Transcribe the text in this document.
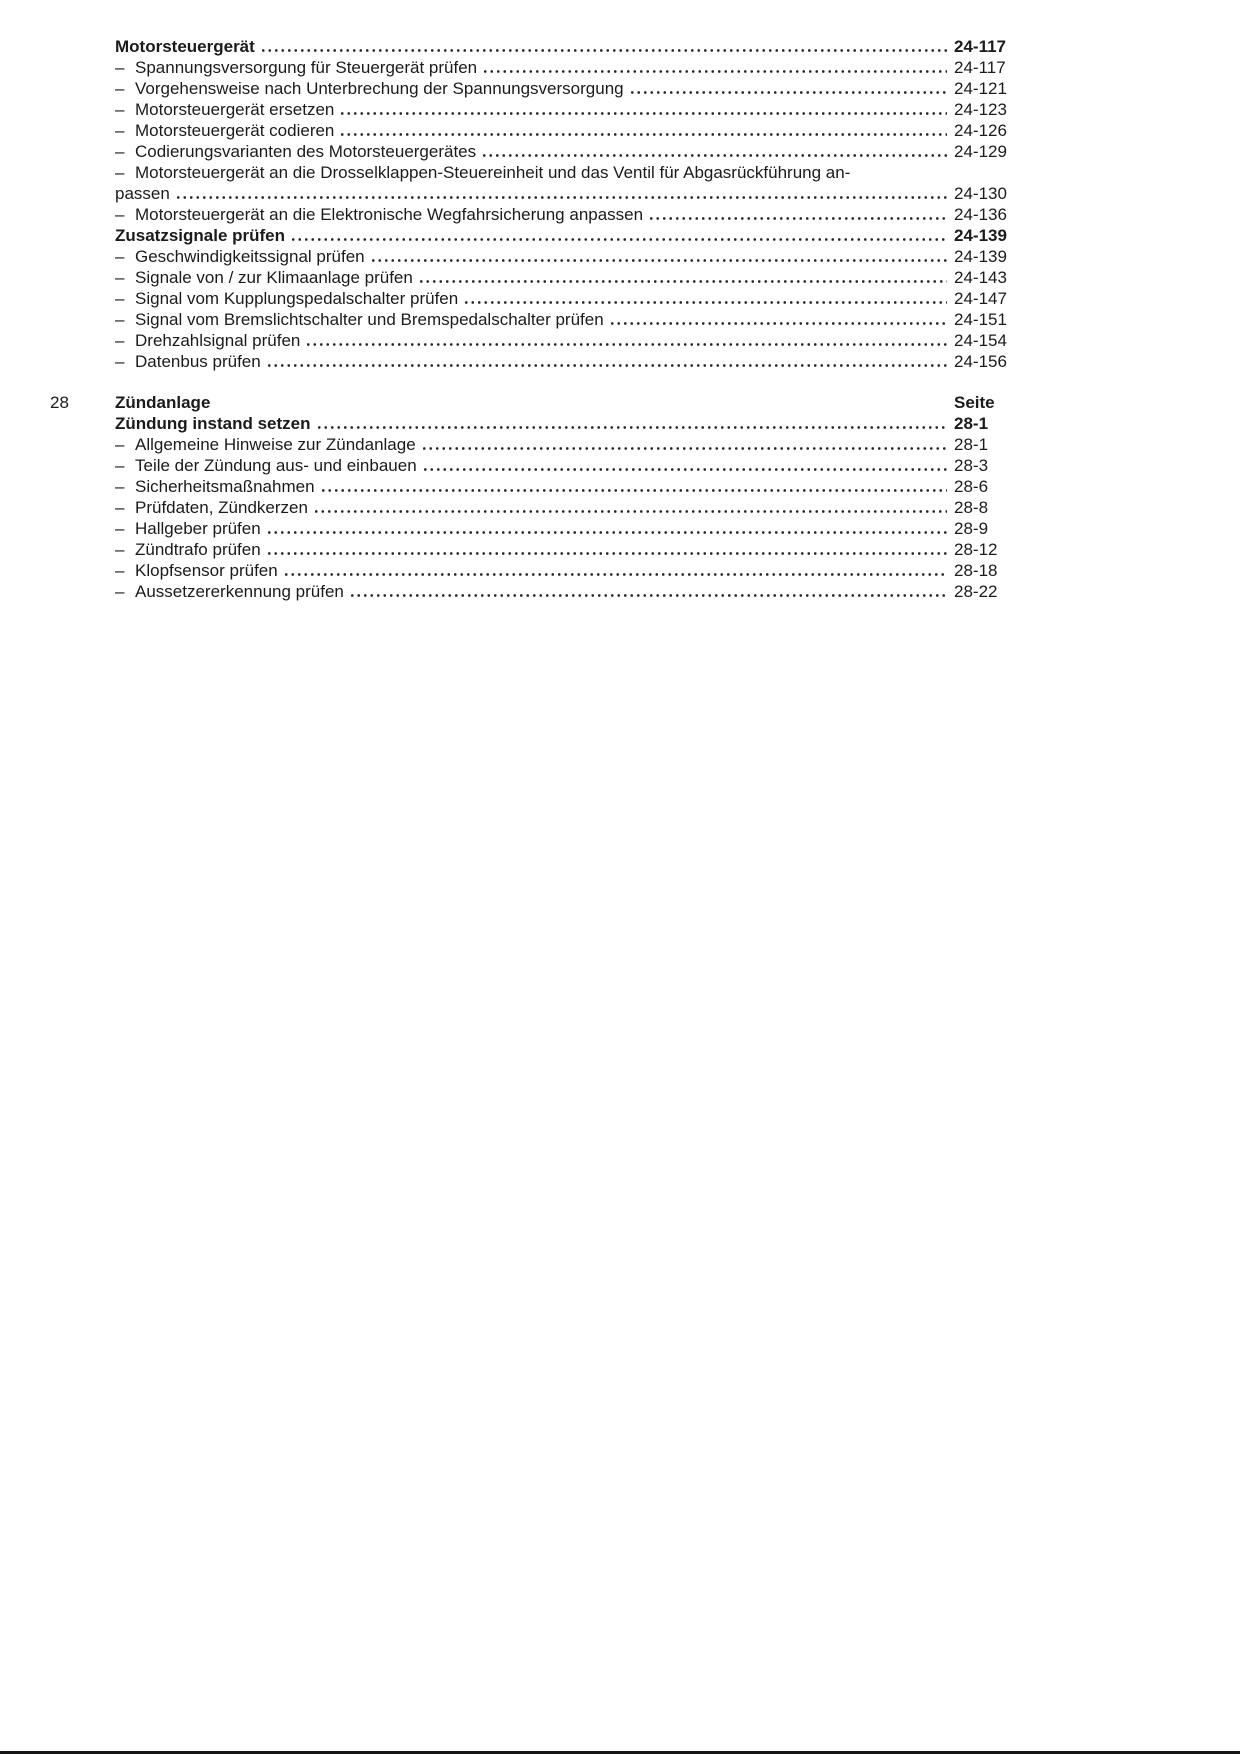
Motorsteuergerät	24-117
– Spannungsversorgung für Steuergerät prüfen	24-117
– Vorgehensweise nach Unterbrechung der Spannungsversorgung	24-121
– Motorsteuergerät ersetzen	24-123
– Motorsteuergerät codieren	24-126
– Codierungsvarianten des Motorsteuergerätes	24-129
– Motorsteuergerät an die Drosselklappen-Steuereinheit und das Ventil für Abgasrückführung an-
passen	24-130
– Motorsteuergerät an die Elektronische Wegfahrsicherung anpassen	24-136
Zusatzsignale prüfen	24-139
– Geschwindigkeitssignal prüfen	24-139
– Signale von / zur Klimaanlage prüfen	24-143
– Signal vom Kupplungspedalschalter prüfen	24-147
– Signal vom Bremslichtschalter und Bremspedalschalter prüfen	24-151
– Drehzahlsignal prüfen	24-154
– Datenbus prüfen	24-156
28	Zündanlage	Seite
Zündung instand setzen	28-1
– Allgemeine Hinweise zur Zündanlage	28-1
– Teile der Zündung aus- und einbauen	28-3
– Sicherheitsmaßnahmen	28-6
– Prüfdaten, Zündkerzen	28-8
– Hallgeber prüfen	28-9
– Zündtrafo prüfen	28-12
– Klopfsensor prüfen	28-18
– Aussetzererkennung prüfen	28-22
